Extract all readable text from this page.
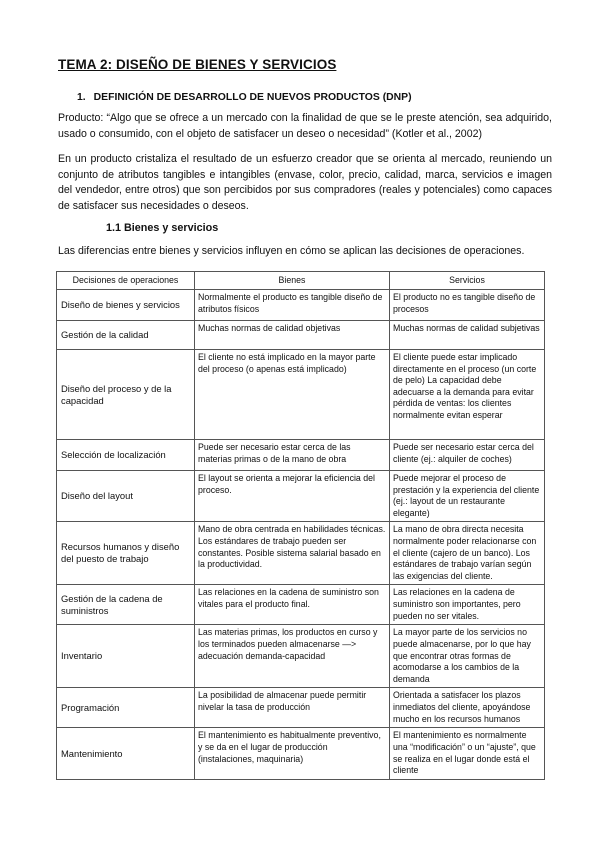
TEMA 2: DISEÑO DE BIENES Y SERVICIOS
1. DEFINICIÓN DE DESARROLLO DE NUEVOS PRODUCTOS (DNP)
Producto: “Algo que se ofrece a un mercado con la finalidad de que se le preste atención, sea adquirido, usado o consumido, con el objeto de satisfacer un deseo o necesidad” (Kotler et al., 2002)
En un producto cristaliza el resultado de un esfuerzo creador que se orienta al mercado, reuniendo un conjunto de atributos tangibles e intangibles (envase, color, precio, calidad, marca, servicios e imagen del vendedor, entre otros) que son percibidos por sus compradores (reales y potenciales) como capaces de satisfacer sus necesidades o deseos.
1.1 Bienes y servicios
Las diferencias entre bienes y servicios influyen en cómo se aplican las decisiones de operaciones.
Decisiones de operaciones	Bienes	Servicios
Diseño de bienes y servicios	Normalmente el producto es tangible diseño de atributos físicos	El producto no es tangible diseño de procesos
Gestión de la calidad	Muchas normas de calidad objetivas	Muchas normas de calidad subjetivas
Diseño del proceso y de la capacidad	El cliente no está implicado en la mayor parte del proceso (o apenas está implicado)	El cliente puede estar implicado directamente en el proceso (un corte de pelo) La capacidad debe adecuarse a la demanda para evitar pérdida de ventas: los clientes normalmente evitan esperar
Selección de localización	Puede ser necesario estar cerca de las materias primas o de la mano de obra	Puede ser necesario estar cerca del cliente (ej.: alquiler de coches)
Diseño del layout	El layout se orienta a mejorar la eficiencia del proceso.	Puede mejorar el proceso de prestación y la experiencia del cliente (ej.: layout de un restaurante elegante)
Recursos humanos y diseño del puesto de trabajo	Mano de obra centrada en habilidades técnicas. Los estándares de trabajo pueden ser constantes. Posible sistema salarial basado en la productividad.	La mano de obra directa necesita normalmente poder relacionarse con el cliente (cajero de un banco). Los estándares de trabajo varían según las exigencias del cliente.
Gestión de la cadena de suministros	Las relaciones en la cadena de suministro son vitales para el producto final.	Las relaciones en la cadena de suministro son importantes, pero pueden no ser vitales.
Inventario	Las materias primas, los productos en curso y los terminados pueden almacenarse —> adecuación demanda-capacidad	La mayor parte de los servicios no puede almacenarse, por lo que hay que encontrar otras formas de acomodarse a los cambios de la demanda
Programación	La posibilidad de almacenar puede permitir nivelar la tasa de producción	Orientada a satisfacer los plazos inmediatos del cliente, apoyándose mucho en los recursos humanos
Mantenimiento	El mantenimiento es habitualmente preventivo, y se da en el lugar de producción (instalaciones, maquinaria)	El mantenimiento es normalmente una “modificación” o un “ajuste”, que se realiza en el lugar donde está el cliente
